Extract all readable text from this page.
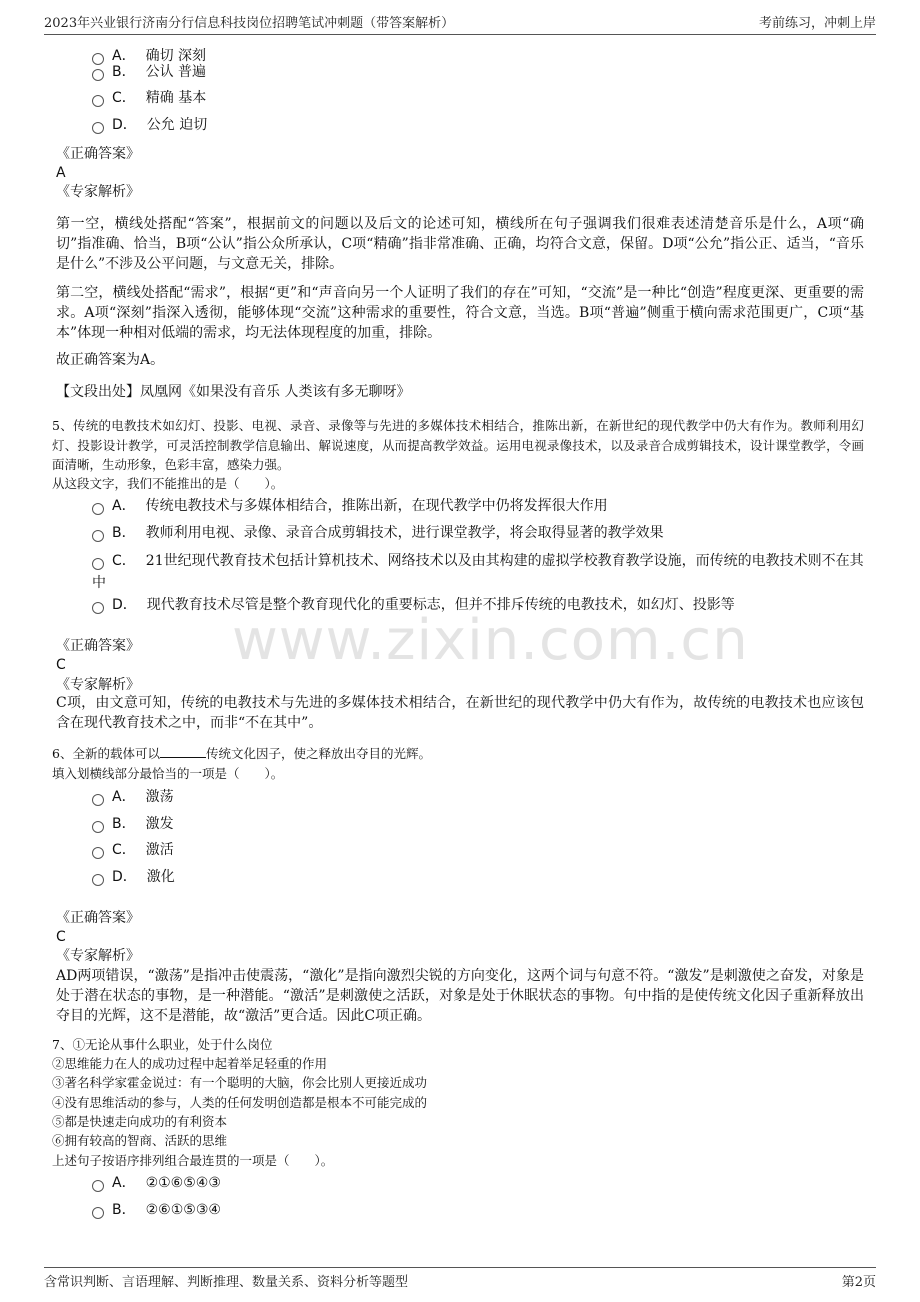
2023年兴业银行济南分行信息科技岗位招聘笔试冲刺题（带答案解析）	考前练习，冲刺上岸
www.zixin.com.cn
A． 确切 深刻
B． 公认 普遍
C． 精确 基本
D． 公允 迫切
《正确答案》
A
《专家解析》
第一空，横线处搭配“答案”，根据前文的问题以及后文的论述可知，横线所在句子强调我们很难表述清楚音乐是什么，A项“确切”指准确、恰当，B项“公认”指公众所承认，C项“精确”指非常准确、正确，均符合文意，保留。D项“公允”指公正、适当，“音乐是什么”不涉及公平问题，与文意无关，排除。
第二空，横线处搭配“需求”，根据“更”和“声音向另一个人证明了我们的存在”可知，“交流”是一种比“创造”程度更深、更重要的需求。A项“深刻”指深入透彻，能够体现“交流”这种需求的重要性，符合文意，当选。B项“普遍”侧重于横向需求范围更广，C项“基本”体现一种相对低端的需求，均无法体现程度的加重，排除。
故正确答案为A。
【文段出处】凤凰网《如果没有音乐 人类该有多无聊呀》
5、传统的电教技术如幻灯、投影、电视、录音、录像等与先进的多媒体技术相结合，推陈出新，在新世纪的现代教学中仍大有作为。教师利用幻灯、投影设计教学，可灵活控制教学信息输出、解说速度，从而提高教学效益。运用电视录像技术，以及录音合成剪辑技术，设计课堂教学，令画面清晰，生动形象，色彩丰富，感染力强。
从这段文字，我们不能推出的是（　　）。
A． 传统电教技术与多媒体相结合，推陈出新，在现代教学中仍将发挥很大作用
B． 教师利用电视、录像、录音合成剪辑技术，进行课堂教学，将会取得显著的教学效果
C． 21世纪现代教育技术包括计算机技术、网络技术以及由其构建的虚拟学校教育教学设施，而传统的电教技术则不在其中
D． 现代教育技术尽管是整个教育现代化的重要标志，但并不排斥传统的电教技术，如幻灯、投影等
《正确答案》
C
《专家解析》
C项，由文意可知，传统的电教技术与先进的多媒体技术相结合，在新世纪的现代教学中仍大有作为，故传统的电教技术也应该包含在现代教育技术之中，而非“不在其中”。
6、全新的载体可以	传统文化因子，使之释放出夺目的光辉。
填入划横线部分最恰当的一项是（　　）。
A． 激荡
B． 激发
C． 激活
D． 激化
《正确答案》
C
《专家解析》
AD两项错误，“激荡”是指冲击使震荡，“激化”是指向激烈尖锐的方向变化，这两个词与句意不符。“激发”是刺激使之奋发，对象是处于潜在状态的事物，是一种潜能。“激活”是刺激使之活跃，对象是处于休眠状态的事物。句中指的是使传统文化因子重新释放出夺目的光辉，这不是潜能，故“激活”更合适。因此C项正确。
7、①无论从事什么职业，处于什么岗位
②思维能力在人的成功过程中起着举足轻重的作用
③著名科学家霍金说过：有一个聪明的大脑，你会比别人更接近成功
④没有思维活动的参与，人类的任何发明创造都是根本不可能完成的
⑤都是快速走向成功的有利资本
⑥拥有较高的智商、活跃的思维
上述句子按语序排列组合最连贯的一项是（　　）。
A． ②①⑥⑤④③
B． ②⑥①⑤③④
含常识判断、言语理解、判断推理、数量关系、资料分析等题型	第2页
